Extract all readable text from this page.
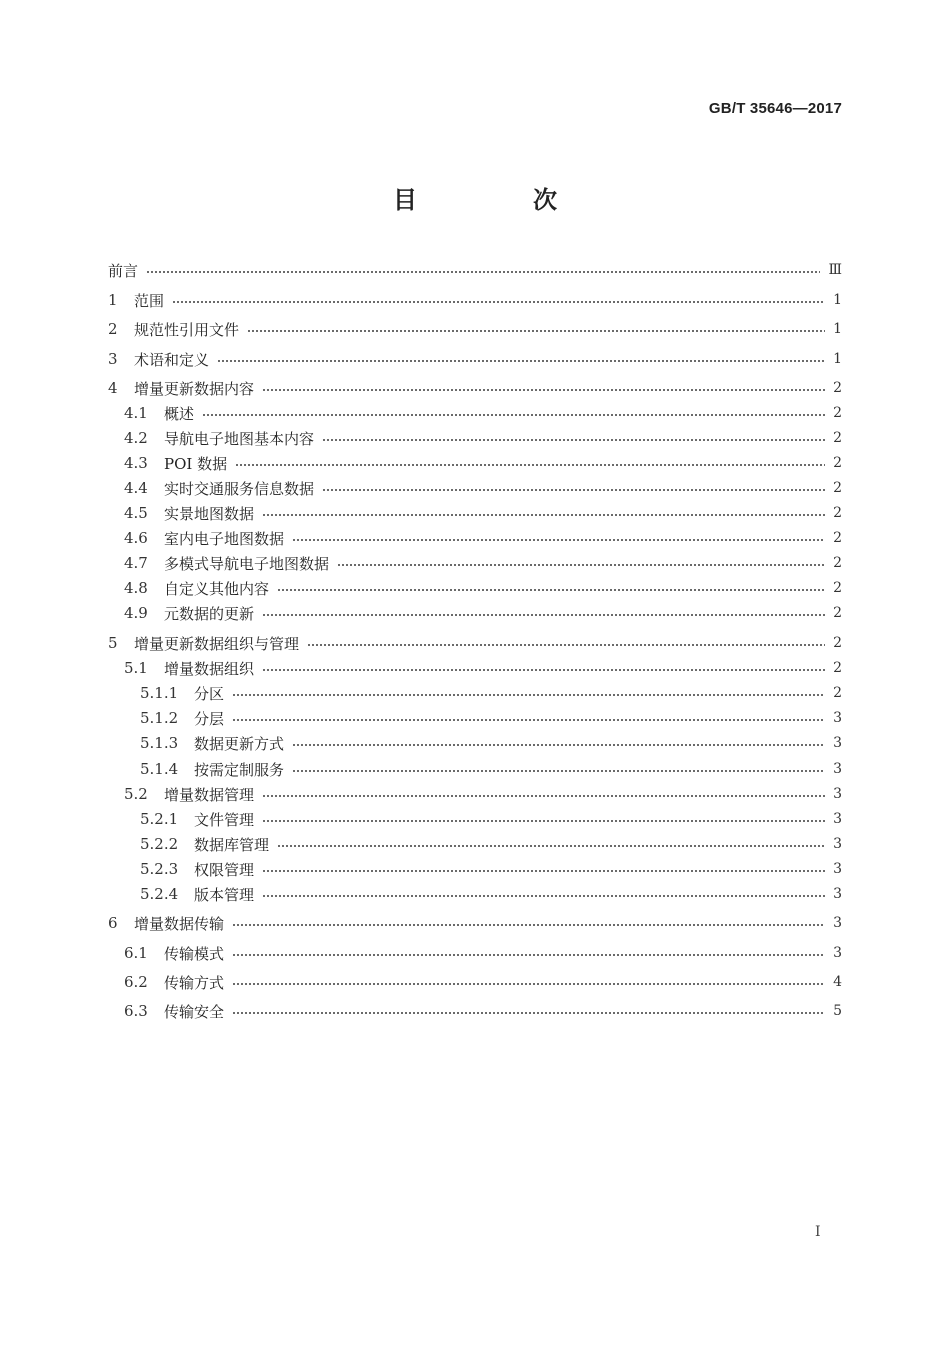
GB/T 35646—2017
目　次
前言	Ⅲ
1	范围	1
2	规范性引用文件	1
3	术语和定义	1
4	增量更新数据内容	2
4.1	概述	2
4.2	导航电子地图基本内容	2
4.3	POI 数据	2
4.4	实时交通服务信息数据	2
4.5	实景地图数据	2
4.6	室内电子地图数据	2
4.7	多模式导航电子地图数据	2
4.8	自定义其他内容	2
4.9	元数据的更新	2
5	增量更新数据组织与管理	2
5.1	增量数据组织	2
5.1.1	分区	2
5.1.2	分层	3
5.1.3	数据更新方式	3
5.1.4	按需定制服务	3
5.2	增量数据管理	3
5.2.1	文件管理	3
5.2.2	数据库管理	3
5.2.3	权限管理	3
5.2.4	版本管理	3
6	增量数据传输	3
6.1	传输模式	3
6.2	传输方式	4
6.3	传输安全	5
I
